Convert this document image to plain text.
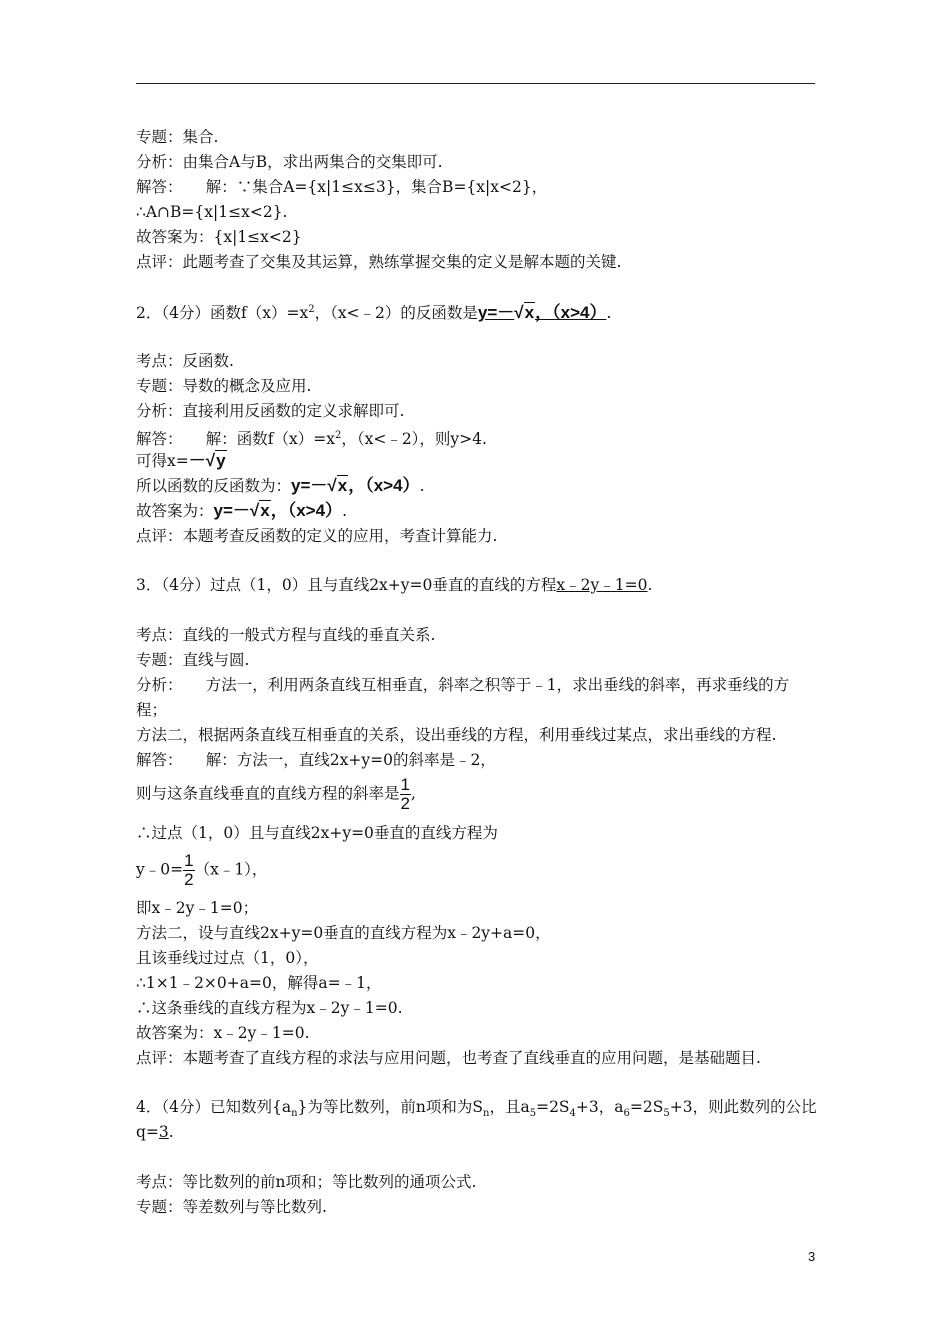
专题：集合.
分析：由集合A与B，求出两集合的交集即可.
解答：　　解：∵集合A={x|1≤x≤3}，集合B={x|x<2}，
∴A∩B={x|1≤x<2}.
故答案为：{x|1≤x<2}
点评：此题考查了交集及其运算，熟练掌握交集的定义是解本题的关键.
2．（4分）函数$f(x)=x^2$，（x<﹣2）的反函数是y=－√x，（x>4）.
考点：反函数.
专题：导数的概念及应用.
分析：直接利用反函数的定义求解即可.
解答：　　解：函数$f(x)=x^2$，（x<﹣2），则y>4.
可得x=－√y
所以函数的反函数为：y=－√x，（x>4）.
故答案为：y=－√x，（x>4）.
点评：本题考查反函数的定义的应用，考查计算能力.
3．（4分）过点（1，0）且与直线2x+y=0垂直的直线的方程x﹣2y﹣1=0.
考点：直线的一般式方程与直线的垂直关系.
专题：直线与圆.
分析：　　方法一，利用两条直线互相垂直，斜率之积等于﹣1，求出垂线的斜率，再求垂线的方
程；
方法二，根据两条直线互相垂直的关系，设出垂线的方程，利用垂线过某点，求出垂线的方程.
解答：　　解：方法一，直线2x+y=0的斜率是﹣2，
则与这条直线垂直的直线方程的斜率是 $\frac{1}{2}$ ,
∴过点（1，0）且与直线2x+y=0垂直的直线方程为
y﹣0= $\frac{1}{2}$ （x﹣1），
即x﹣2y﹣1=0；
方法二，设与直线2x+y=0垂直的直线方程为x﹣2y+a=0，
且该垂线过过点（1，0），
∴1×1﹣2×0+a=0，解得a=﹣1，
∴这条垂线的直线方程为x﹣2y﹣1=0.
故答案为：x﹣2y﹣1=0.
点评：本题考查了直线方程的求法与应用问题，也考查了直线垂直的应用问题，是基础题目.
4．（4分）已知数列$\{a_n\}$为等比数列，前n项和为$S_n$，且$a_5=2S_4+3$，$a_6=2S_5+3$，则此数列的公比
q=3.
考点：等比数列的前n项和；等比数列的通项公式.
专题：等差数列与等比数列.
3
